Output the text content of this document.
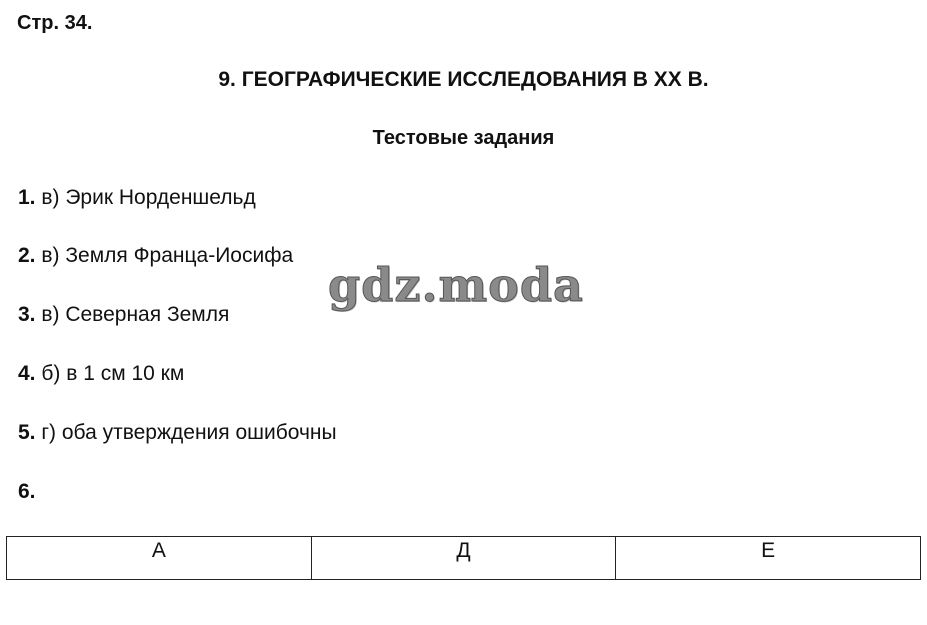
Стр. 34.

9. ГЕОГРАФИЧЕСКИЕ ИССЛЕДОВАНИЯ В XX В.
Тестовые задания

1. в) Эрик Норденшельд

2. в) Земля Франца-Иосифа

3. в) Северная Земля

4. б) в 1 см 10 км

5. г) оба утверждения ошибочны

6.

gdz.moda
А	Д	Е
